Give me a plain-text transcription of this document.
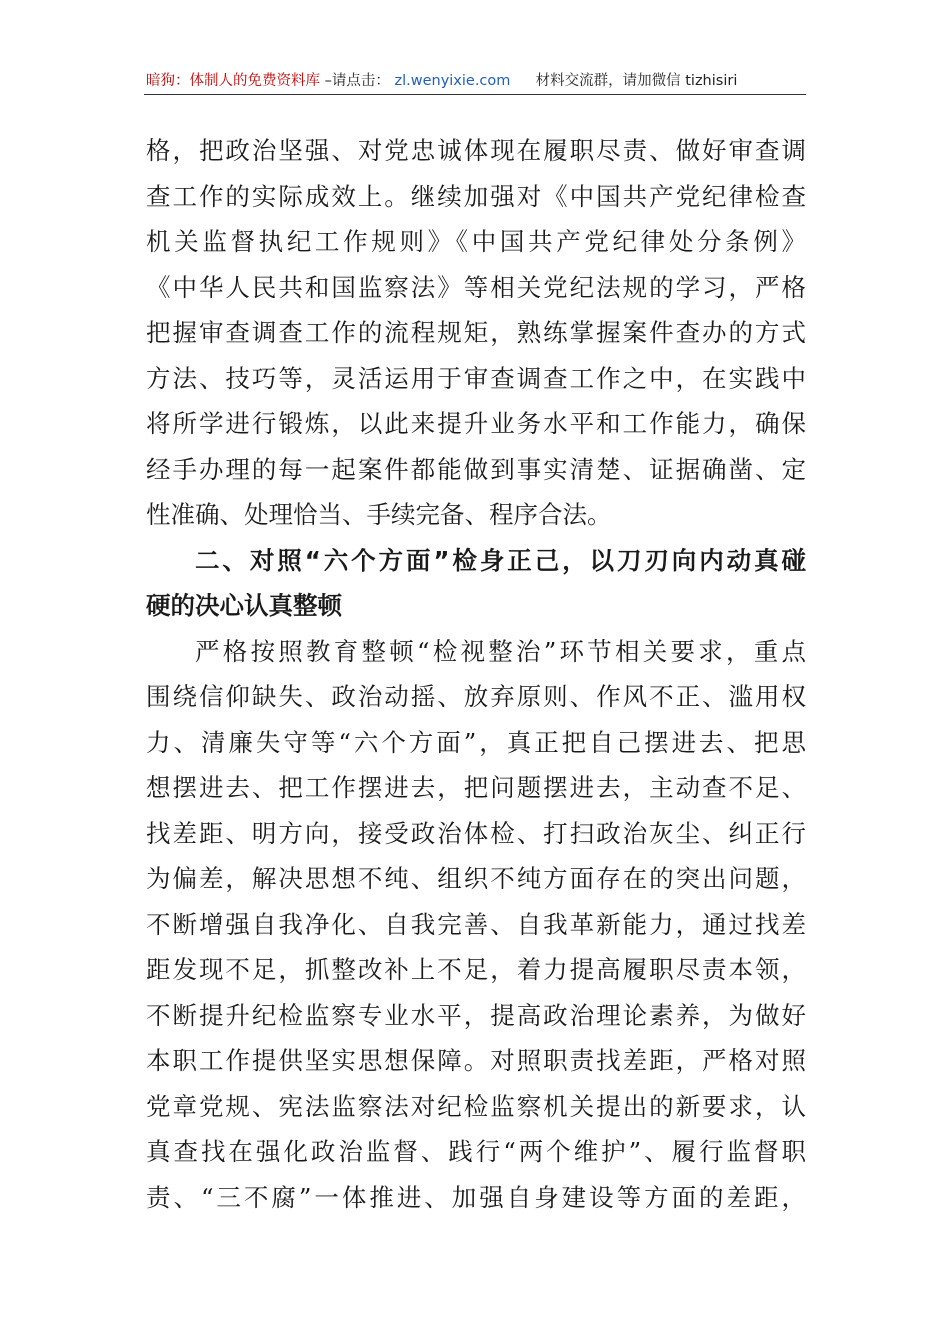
暗狗：体制人的免费资料库 –请点击： zl.wenyixie.com 材料交流群，请加微信 tizhisiri
格，把政治坚强、对党忠诚体现在履职尽责、做好审查调
查工作的实际成效上。继续加强对《中国共产党纪律检查
机关监督执纪工作规则》《中国共产党纪律处分条例》
《中华人民共和国监察法》等相关党纪法规的学习，严格
把握审查调查工作的流程规矩，熟练掌握案件查办的方式
方法、技巧等，灵活运用于审查调查工作之中，在实践中
将所学进行锻炼，以此来提升业务水平和工作能力，确保
经手办理的每一起案件都能做到事实清楚、证据确凿、定
性准确、处理恰当、手续完备、程序合法。
二、对照“六个方面”检身正己，以刀刃向内动真碰
硬的决心认真整顿
严格按照教育整顿“检视整治”环节相关要求，重点
围绕信仰缺失、政治动摇、放弃原则、作风不正、滥用权
力、清廉失守等“六个方面”，真正把自己摆进去、把思
想摆进去、把工作摆进去，把问题摆进去，主动查不足、
找差距、明方向，接受政治体检、打扫政治灰尘、纠正行
为偏差，解决思想不纯、组织不纯方面存在的突出问题，
不断增强自我净化、自我完善、自我革新能力，通过找差
距发现不足，抓整改补上不足，着力提高履职尽责本领，
不断提升纪检监察专业水平，提高政治理论素养，为做好
本职工作提供坚实思想保障。对照职责找差距，严格对照
党章党规、宪法监察法对纪检监察机关提出的新要求，认
真查找在强化政治监督、践行“两个维护”、履行监督职
责、“三不腐”一体推进、加强自身建设等方面的差距，
